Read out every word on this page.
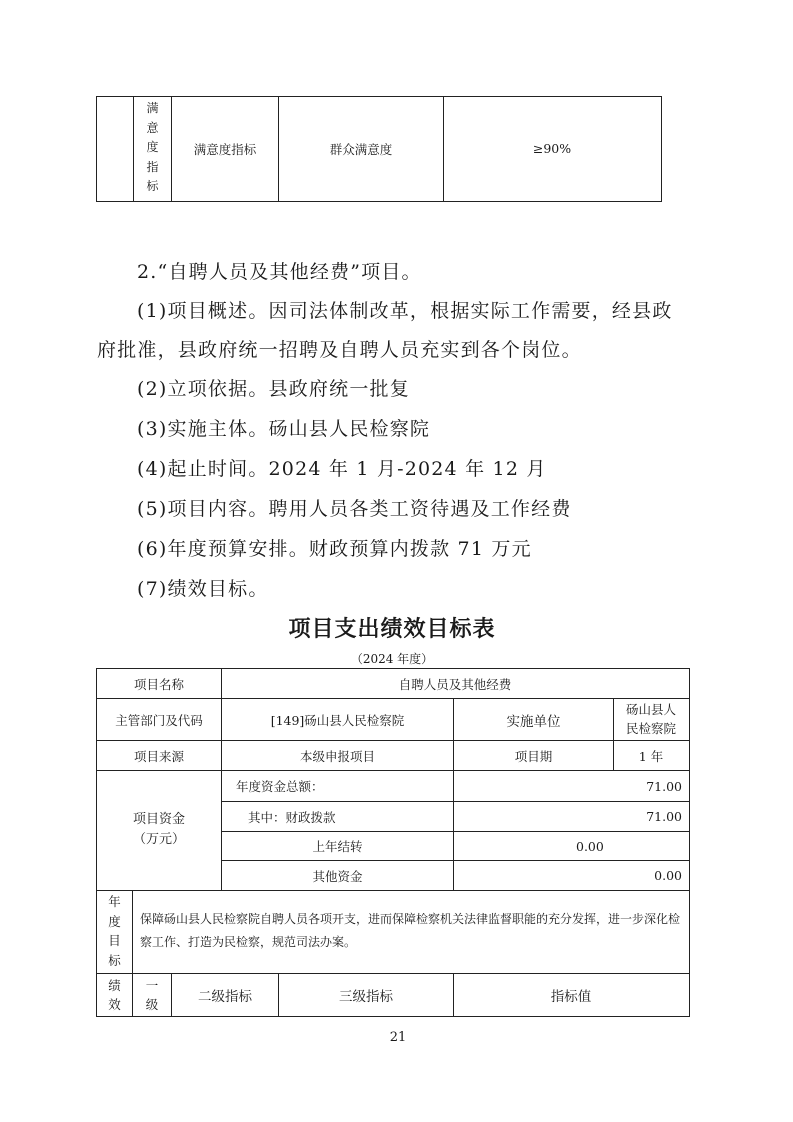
满
意
度
指
标
满意度指标	群众满意度	≥90%
2.“自聘人员及其他经费”项目。
(1)项目概述。因司法体制改革，根据实际工作需要，经县政
府批准，县政府统一招聘及自聘人员充实到各个岗位。
(2)立项依据。县政府统一批复
(3)实施主体。砀山县人民检察院
(4)起止时间。2024 年 1 月-2024 年 12 月
(5)项目内容。聘用人员各类工资待遇及工作经费
(6)年度预算安排。财政预算内拨款 71 万元
(7)绩效目标。
项目支出绩效目标表
（2024 年度）
项目名称	自聘人员及其他经费
主管部门及代码	[149]砀山县人民检察院	实施单位
砀山县人
民检察院
项目来源	本级申报项目	项目期	1 年
项目资金
（万元）
年度资金总额：	71.00
其中：财政拨款	71.00
上年结转	0.00
其他资金	0.00
年
度
目
标
保障砀山县人民检察院自聘人员各项开支，进而保障检察机关法律监督职能的充分发挥，进一步深化检
察工作、打造为民检察，规范司法办案。
绩
效
一
级	二级指标	三级指标	指标值
21
